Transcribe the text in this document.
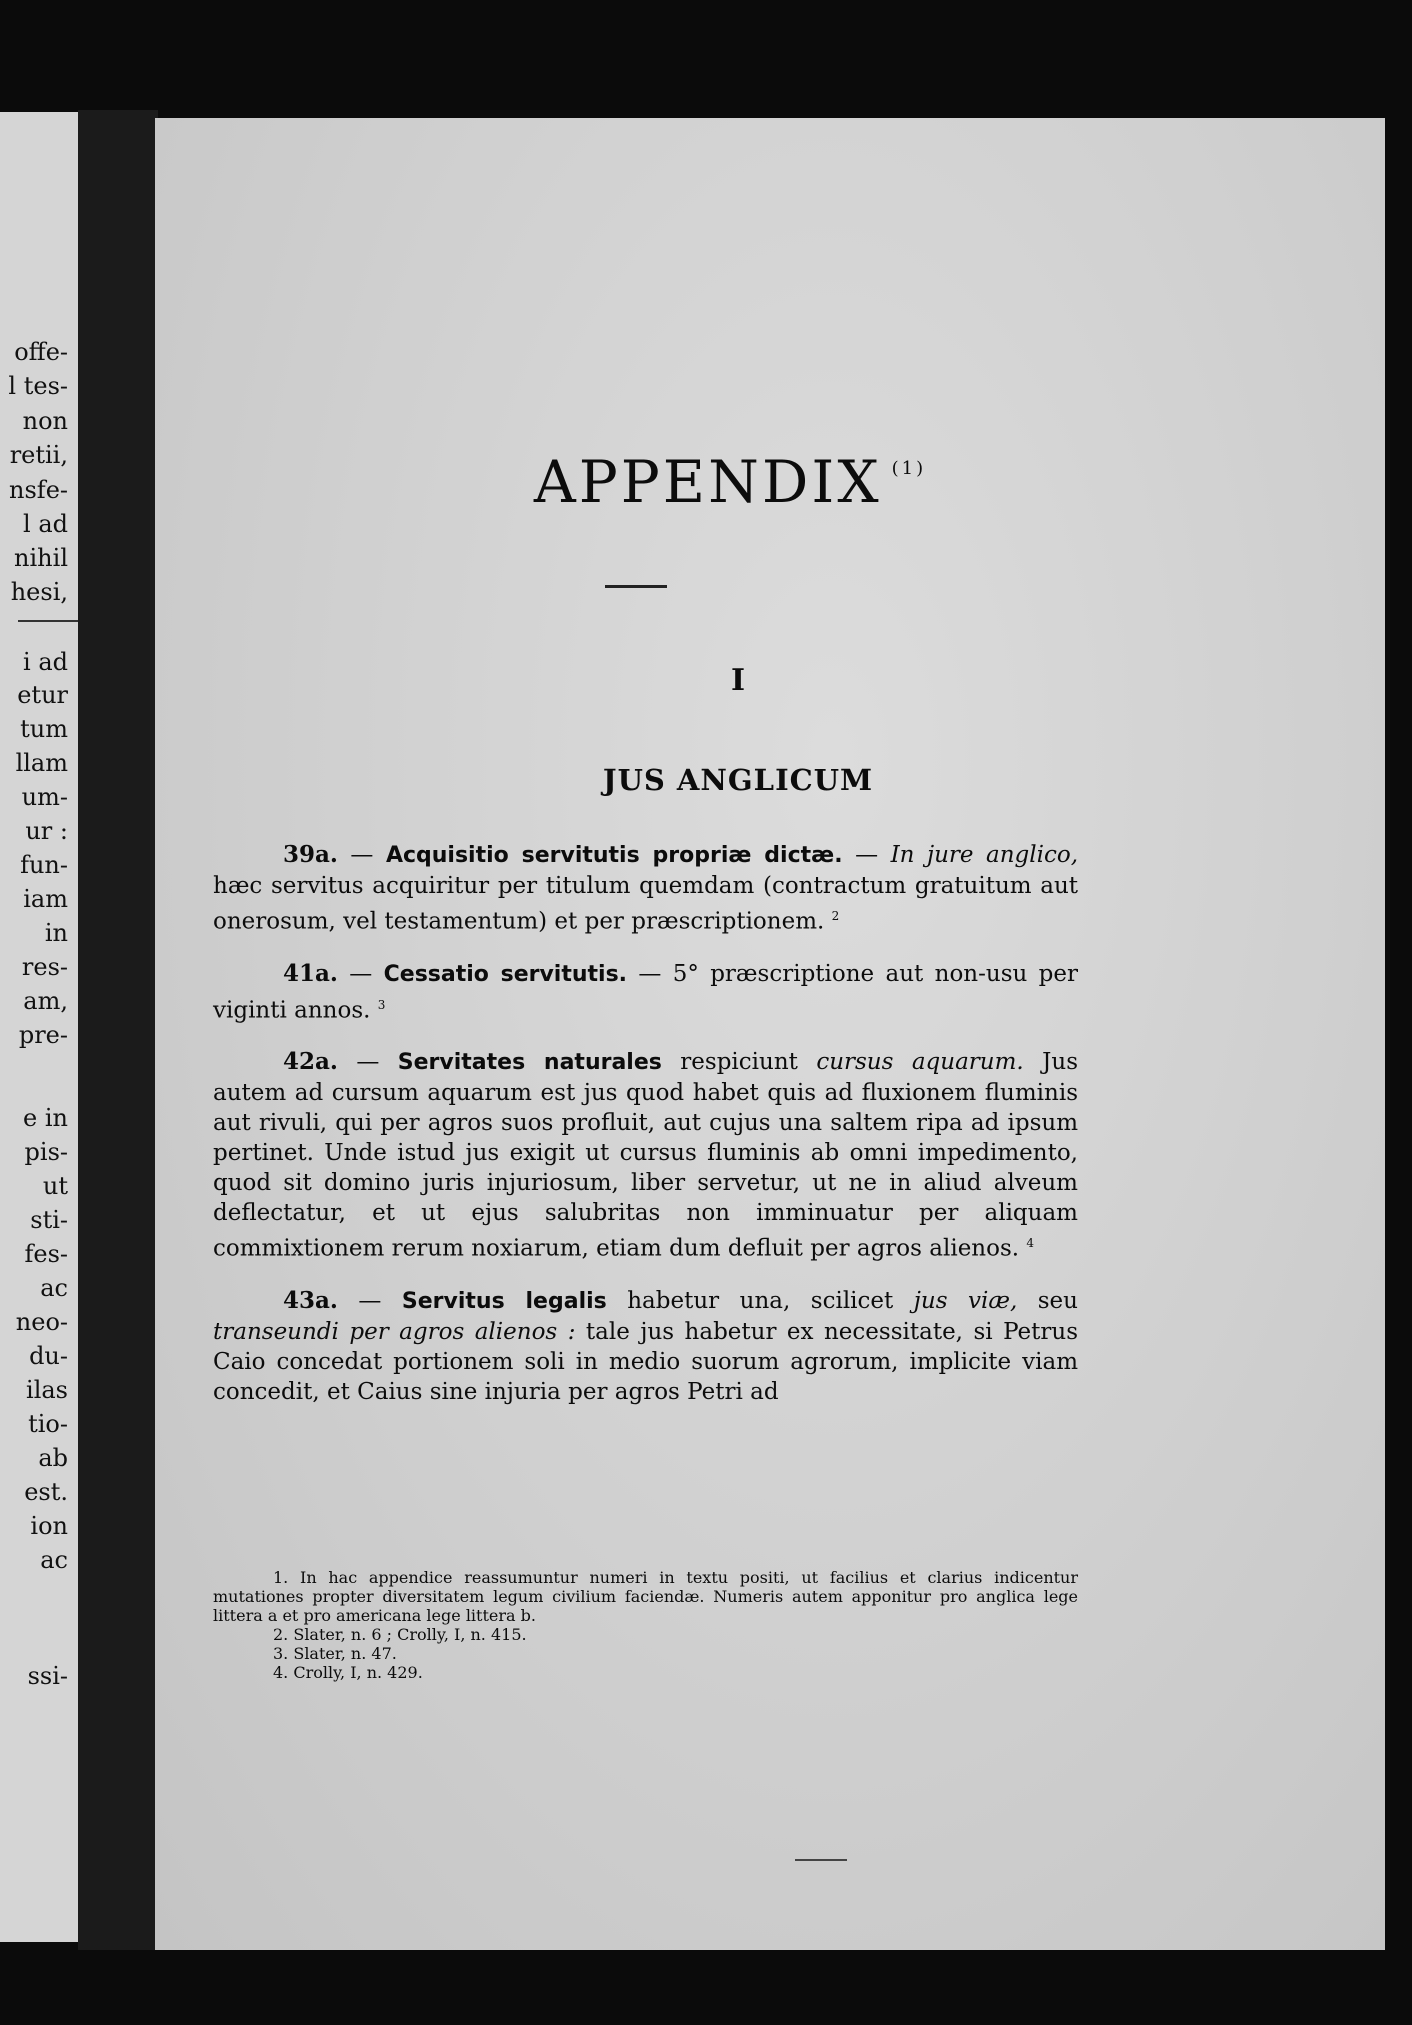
offe-
l tes-
non
retii,
nsfe-
l ad
nihil
hesi,
i ad
etur
tum
llam
um-
ur :
fun-
iam
in
res-
am,
pre-
e in
pis-
ut
sti-
fes-
ac
neo-
du-
ilas
tio-
ab
est.
ion
ac
ssi-
APPENDIX $^{(1)}$
I
JUS ANGLICUM

39a. — Acquisitio servitutis propriæ dictæ. — In jure anglico, hæc servitus acquiritur per titulum quemdam (contractum gratuitum aut onerosum, vel testamentum) et per præscriptionem. $^2$

41a. — Cessatio servitutis. — 5° præscriptione aut non-usu per viginti annos. $^3$

42a. — Servitates naturales respiciunt cursus aquarum. Jus autem ad cursum aquarum est jus quod habet quis ad fluxionem fluminis aut rivuli, qui per agros suos profluit, aut cujus una saltem ripa ad ipsum pertinet. Unde istud jus exigit ut cursus fluminis ab omni impedimento, quod sit domino juris injuriosum, liber servetur, ut ne in aliud alveum deflectatur, et ut ejus salubritas non imminuatur per aliquam commixtionem rerum noxiarum, etiam dum defluit per agros alienos. $^4$

43a. — Servitus legalis habetur una, scilicet jus viæ, seu transeundi per agros alienos : tale jus habetur ex necessitate, si Petrus Caio concedat portionem soli in medio suorum agrorum, implicite viam concedit, et Caius sine injuria per agros Petri ad

1. In hac appendice reassumuntur numeri in textu positi, ut facilius et clarius indicentur mutationes propter diversitatem legum civilium faciendæ. Numeris autem apponitur pro anglica lege littera a et pro americana lege littera b.
2. Slater, n. 6 ; Crolly, I, n. 415.
3. Slater, n. 47.
4. Crolly, I, n. 429.
